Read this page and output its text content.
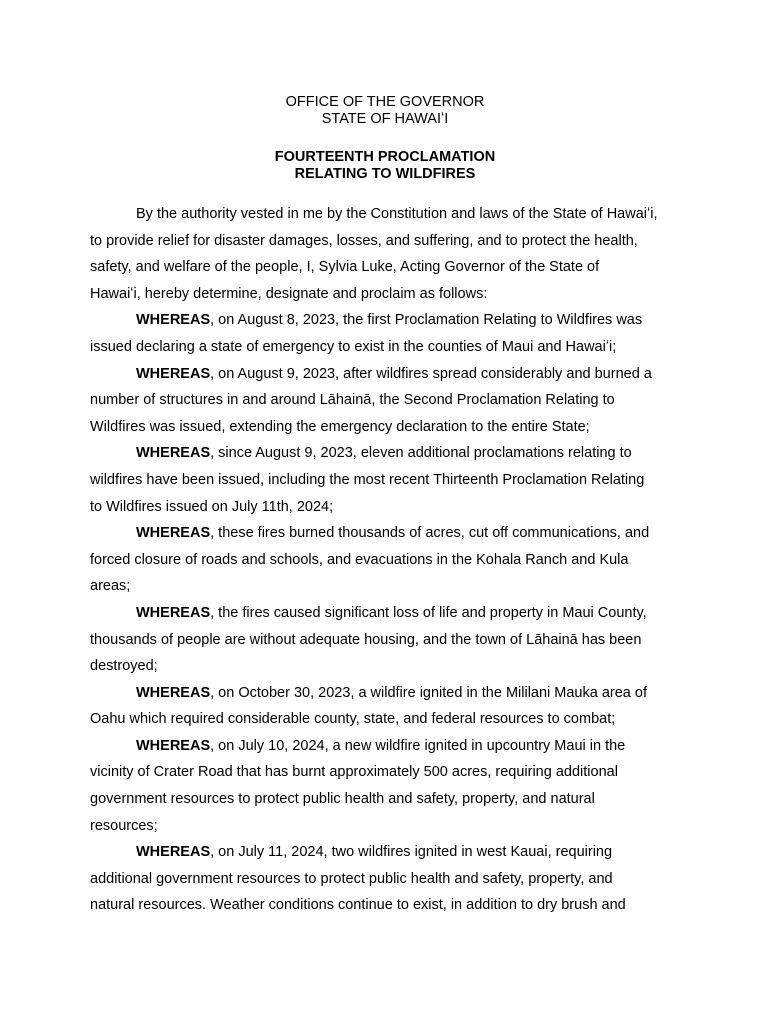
OFFICE OF THE GOVERNOR
STATE OF HAWAIʻI
FOURTEENTH PROCLAMATION
RELATING TO WILDFIRES

By the authority vested in me by the Constitution and laws of the State of Hawaiʻi,
to provide relief for disaster damages, losses, and suffering, and to protect the health,
safety, and welfare of the people, I, Sylvia Luke, Acting Governor of the State of
Hawaiʻi, hereby determine, designate and proclaim as follows:

WHEREAS, on August 8, 2023, the first Proclamation Relating to Wildfires was
issued declaring a state of emergency to exist in the counties of Maui and Hawaiʻi;

WHEREAS, on August 9, 2023, after wildfires spread considerably and burned a
number of structures in and around Lāhainā, the Second Proclamation Relating to
Wildfires was issued, extending the emergency declaration to the entire State;

WHEREAS, since August 9, 2023, eleven additional proclamations relating to
wildfires have been issued, including the most recent Thirteenth Proclamation Relating
to Wildfires issued on July 11th, 2024;

WHEREAS, these fires burned thousands of acres, cut off communications, and
forced closure of roads and schools, and evacuations in the Kohala Ranch and Kula
areas;

WHEREAS, the fires caused significant loss of life and property in Maui County,
thousands of people are without adequate housing, and the town of Lāhainā has been
destroyed;

WHEREAS, on October 30, 2023, a wildfire ignited in the Mililani Mauka area of
Oahu which required considerable county, state, and federal resources to combat;

WHEREAS, on July 10, 2024, a new wildfire ignited in upcountry Maui in the
vicinity of Crater Road that has burnt approximately 500 acres, requiring additional
government resources to protect public health and safety, property, and natural
resources;

WHEREAS, on July 11, 2024, two wildfires ignited in west Kauai, requiring
additional government resources to protect public health and safety, property, and
natural resources. Weather conditions continue to exist, in addition to dry brush and
